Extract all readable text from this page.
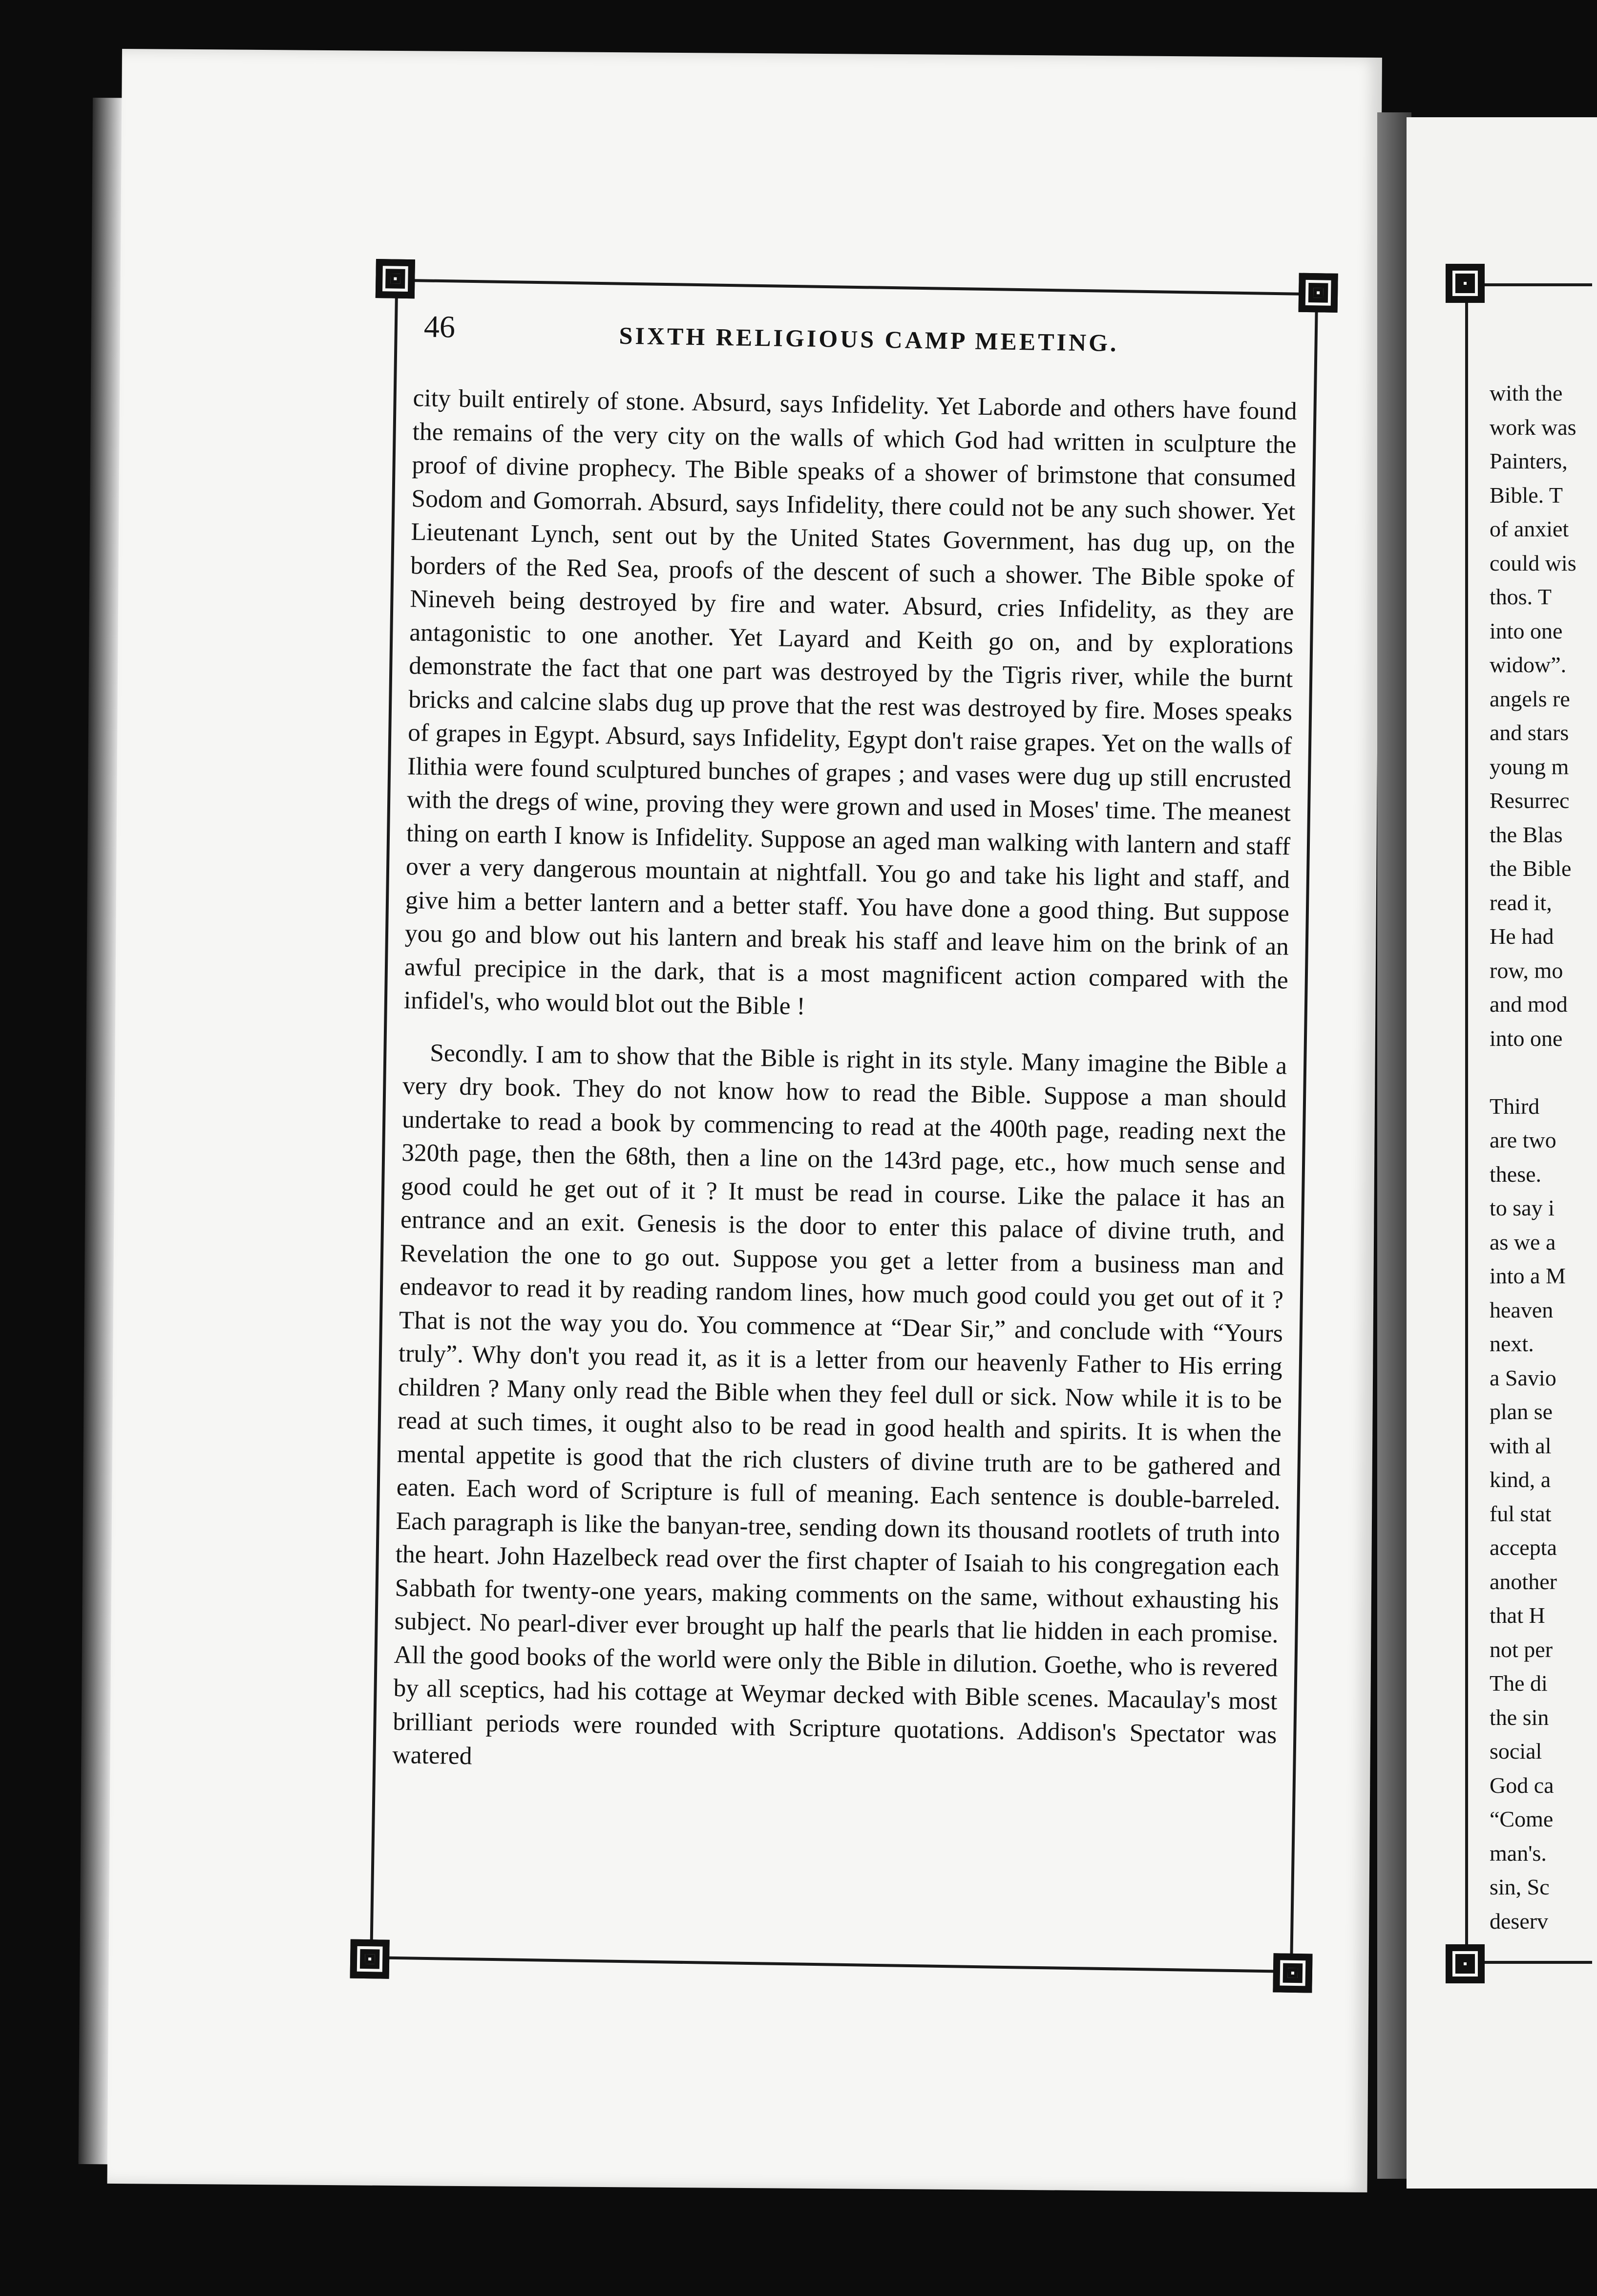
46	SIXTH RELIGIOUS CAMP MEETING.

city built entirely of stone. Absurd, says Infidelity. Yet Laborde and others have found the remains of the very city on the walls of which God had written in sculpture the proof of divine prophecy. The Bible speaks of a shower of brimstone that consumed Sodom and Gomorrah. Absurd, says Infidelity, there could not be any such shower. Yet Lieutenant Lynch, sent out by the United States Government, has dug up, on the borders of the Red Sea, proofs of the descent of such a shower. The Bible spoke of Nineveh being destroyed by fire and water. Absurd, cries Infidelity, as they are antagonistic to one another. Yet Layard and Keith go on, and by explorations demonstrate the fact that one part was destroyed by the Tigris river, while the burnt bricks and calcine slabs dug up prove that the rest was destroyed by fire. Moses speaks of grapes in Egypt. Absurd, says Infidelity, Egypt don't raise grapes. Yet on the walls of Ilithia were found sculptured bunches of grapes ; and vases were dug up still encrusted with the dregs of wine, proving they were grown and used in Moses' time. The meanest thing on earth I know is Infidelity. Suppose an aged man walking with lantern and staff over a very dangerous mountain at nightfall. You go and take his light and staff, and give him a better lantern and a better staff. You have done a good thing. But suppose you go and blow out his lantern and break his staff and leave him on the brink of an awful precipice in the dark, that is a most magnificent action compared with the infidel's, who would blot out the Bible !

Secondly. I am to show that the Bible is right in its style. Many imagine the Bible a very dry book. They do not know how to read the Bible. Suppose a man should undertake to read a book by commencing to read at the 400th page, reading next the 320th page, then the 68th, then a line on the 143rd page, etc., how much sense and good could he get out of it ? It must be read in course. Like the palace it has an entrance and an exit. Genesis is the door to enter this palace of divine truth, and Revelation the one to go out. Suppose you get a letter from a business man and endeavor to read it by reading random lines, how much good could you get out of it ? That is not the way you do. You commence at “Dear Sir,” and conclude with “Yours truly”. Why don't you read it, as it is a letter from our heavenly Father to His erring children ? Many only read the Bible when they feel dull or sick. Now while it is to be read at such times, it ought also to be read in good health and spirits. It is when the mental appetite is good that the rich clusters of divine truth are to be gathered and eaten. Each word of Scripture is full of meaning. Each sentence is double-barreled. Each paragraph is like the banyan-tree, sending down its thousand rootlets of truth into the heart. John Hazelbeck read over the first chapter of Isaiah to his congregation each Sabbath for twenty-one years, making comments on the same, without exhausting his subject. No pearl-diver ever brought up half the pearls that lie hidden in each promise. All the good books of the world were only the Bible in dilution. Goethe, who is revered by all sceptics, had his cottage at Weymar decked with Bible scenes. Macaulay's most brilliant periods were rounded with Scripture quotations. Addison's Spectator was watered

with the
work was
Painters,
Bible. T
of anxiet
could wis
thos. T
into one
widow”.
angels re
and stars
young m
Resurrec
the Blas
the Bible
read it,
He had
row, mo
and mod
into one
Third
are two
these.
to say i
as we a
into a M
heaven
next.
a Savio
plan se
with al
kind, a
ful stat
accepta
another
that H
not per
The di
the sin
social
God ca
“Come
man's.
sin, Sc
deserv
